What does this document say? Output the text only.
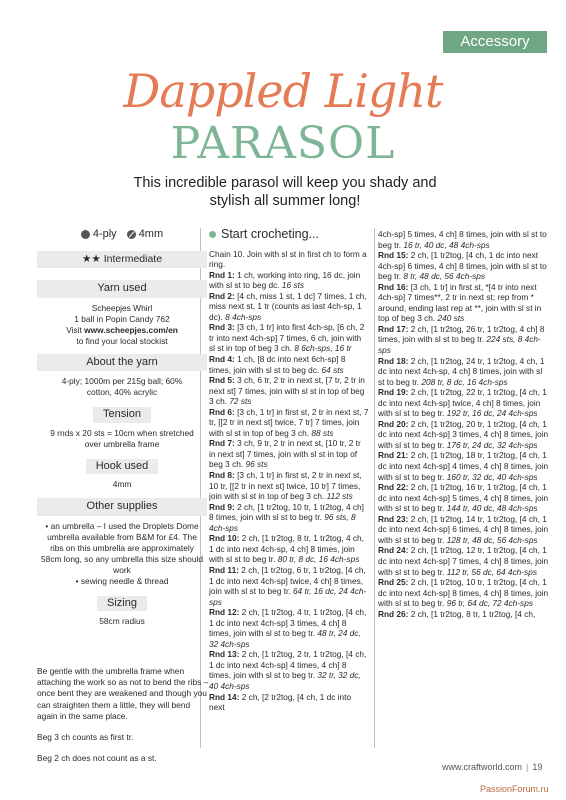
Accessory
Dappled Light
PARASOL
This incredible parasol will keep you shady and stylish all summer long!
4-ply	4mm
★★ Intermediate
Yarn used
Scheepjes Whirl
1 ball in Popin Candy 762
Visit www.scheepjes.com/en
to find your local stockist
About the yarn
4-ply; 1000m per 215g ball; 60% cotton, 40% acrylic
Tension
9 rnds x 20 sts = 10cm when stretched over umbrella frame
Hook used
4mm
Other supplies
• an umbrella – I used the Droplets Dome umbrella available from B&M for £4. The ribs on this umbrella are approximately 58cm long, so any umbrella this size should work
• sewing needle & thread
Sizing
58cm radius

Be gentle with the umbrella frame when attaching the work so as not to bend the ribs – once bent they are weakened and though you can straighten them a little, they will bend again in the same place.

Beg 3 ch counts as first tr.

Beg 2 ch does not count as a st.

Start crocheting...

Chain 10. Join with sl st in first ch to form a ring.

Rnd 1: 1 ch, working into ring, 16 dc, join with sl st to beg dc. 16 sts

Rnd 2: [4 ch, miss 1 st, 1 dc] 7 times, 1 ch, miss next st, 1 tr (counts as last 4ch-sp, 1 dc). 8 4ch-sps

Rnd 3: [3 ch, 1 tr] into first 4ch-sp, [6 ch, 2 tr into next 4ch-sp] 7 times, 6 ch, join with sl st in top of beg 3 ch. 8 6ch-sps, 16 tr

Rnd 4: 1 ch, [8 dc into next 6ch-sp] 8 times, join with sl st to beg dc. 64 sts

Rnd 5: 3 ch, 6 tr, 2 tr in next st, [7 tr, 2 tr in next st] 7 times, join with sl st in top of beg 3 ch. 72 sts

Rnd 6: [3 ch, 1 tr] in first st, 2 tr in next st, 7 tr, [[2 tr in next st] twice, 7 tr] 7 times, join with sl st in top of beg 3 ch. 88 sts

Rnd 7: 3 ch, 9 tr, 2 tr in next st, [10 tr, 2 tr in next st] 7 times, join with sl st in top of beg 3 ch. 96 sts

Rnd 8: [3 ch, 1 tr] in first st, 2 tr in next st, 10 tr, [[2 tr in next st] twice, 10 tr] 7 times, join with sl st in top of beg 3 ch. 112 sts

Rnd 9: 2 ch, [1 tr2tog, 10 tr, 1 tr2tog, 4 ch] 8 times, join with sl st to beg tr. 96 sts, 8 4ch-sps

Rnd 10: 2 ch, [1 tr2tog, 8 tr, 1 tr2tog, 4 ch, 1 dc into next 4ch-sp, 4 ch] 8 times, join with sl st to beg tr. 80 tr, 8 dc, 16 4ch-sps

Rnd 11: 2 ch, [1 tr2tog, 6 tr, 1 tr2tog, [4 ch, 1 dc into next 4ch-sp] twice, 4 ch] 8 times, join with sl st to beg tr. 64 tr, 16 dc, 24 4ch-sps

Rnd 12: 2 ch, [1 tr2tog, 4 tr, 1 tr2tog, [4 ch, 1 dc into next 4ch-sp] 3 times, 4 ch] 8 times, join with sl st to beg tr. 48 tr, 24 dc, 32 4ch-sps

Rnd 13: 2 ch, [1 tr2tog, 2 tr, 1 tr2tog, [4 ch, 1 dc into next 4ch-sp] 4 times, 4 ch] 8 times, join with sl st to beg tr. 32 tr, 32 dc, 40 4ch-sps

Rnd 14: 2 ch, [2 tr2tog, [4 ch, 1 dc into next

4ch-sp] 5 times, 4 ch] 8 times, join with sl st to beg tr. 16 tr, 40 dc, 48 4ch-sps

Rnd 15: 2 ch, [1 tr2tog, [4 ch, 1 dc into next 4ch-sp] 6 times, 4 ch] 8 times, join with sl st to beg tr. 8 tr, 48 dc, 56 4ch-sps

Rnd 16: [3 ch, 1 tr] in first st, *[4 tr into next 4ch-sp] 7 times**, 2 tr in next st; rep from * around, ending last rep at **, join with sl st in top of beg 3 ch. 240 sts

Rnd 17: 2 ch, [1 tr2tog, 26 tr, 1 tr2tog, 4 ch] 8 times, join with sl st to beg tr. 224 sts, 8 4ch-sps

Rnd 18: 2 ch, [1 tr2tog, 24 tr, 1 tr2tog, 4 ch, 1 dc into next 4ch-sp, 4 ch] 8 times, join with sl st to beg tr. 208 tr, 8 dc, 16 4ch-sps

Rnd 19: 2 ch, [1 tr2tog, 22 tr, 1 tr2tog, [4 ch, 1 dc into next 4ch-sp] twice, 4 ch] 8 times, join with sl st to beg tr. 192 tr, 16 dc, 24 4ch-sps

Rnd 20: 2 ch, [1 tr2tog, 20 tr, 1 tr2tog, [4 ch, 1 dc into next 4ch-sp] 3 times, 4 ch] 8 times, join with sl st to beg tr. 176 tr, 24 dc, 32 4ch-sps

Rnd 21: 2 ch, [1 tr2tog, 18 tr, 1 tr2tog, [4 ch, 1 dc into next 4ch-sp] 4 times, 4 ch] 8 times, join with sl st to beg tr. 160 tr, 32 dc, 40 4ch-sps

Rnd 22: 2 ch, [1 tr2tog, 16 tr, 1 tr2tog, [4 ch, 1 dc into next 4ch-sp] 5 times, 4 ch] 8 times, join with sl st to beg tr. 144 tr, 40 dc, 48 4ch-sps

Rnd 23: 2 ch, [1 tr2tog, 14 tr, 1 tr2tog, [4 ch, 1 dc into next 4ch-sp] 6 times, 4 ch] 8 times, join with sl st to beg tr. 128 tr, 48 dc, 56 4ch-sps

Rnd 24: 2 ch, [1 tr2tog, 12 tr, 1 tr2tog, [4 ch, 1 dc into next 4ch-sp] 7 times, 4 ch] 8 times, join with sl st to beg tr. 112 tr, 56 dc, 64 4ch-sps

Rnd 25: 2 ch, [1 tr2tog, 10 tr, 1 tr2tog, [4 ch, 1 dc into next 4ch-sp] 8 times, 4 ch] 8 times, join with sl st to beg tr. 96 tr, 64 dc, 72 4ch-sps

Rnd 26: 2 ch, [1 tr2tog, 8 tr, 1 tr2tog, [4 ch,

www.craftworld.com | 19
PassionForum.ru
